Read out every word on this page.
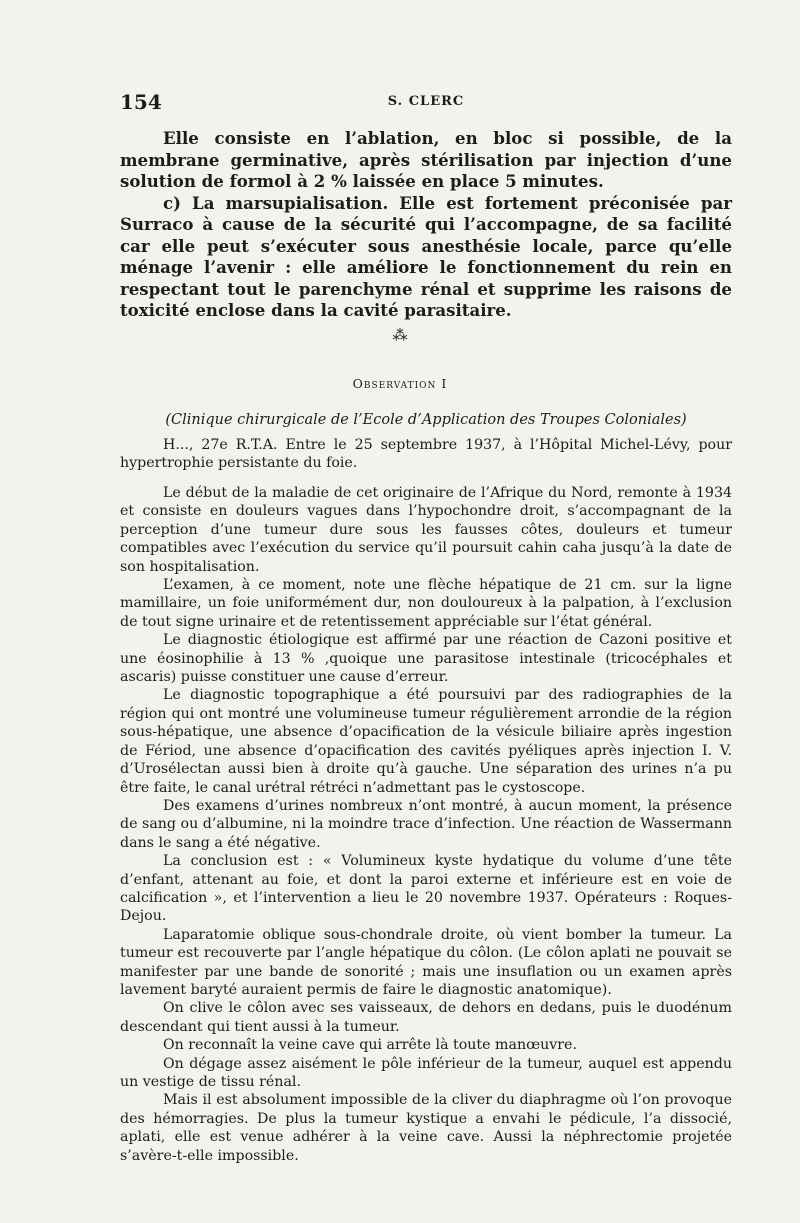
154	S. CLERC

Elle consiste en l’ablation, en bloc si possible, de la membrane germinative, après stérilisation par injection d’une solution de formol à 2 % laissée en place 5 minutes.

c) La marsupialisation. Elle est fortement préconisée par Surraco à cause de la sécurité qui l’accompagne, de sa facilité car elle peut s’exécuter sous anesthésie locale, parce qu’elle ménage l’avenir : elle améliore le fonctionnement du rein en respectant tout le parenchyme rénal et supprime les raisons de toxicité enclose dans la cavité parasitaire.

⁂
Observation I
(Clinique chirurgicale de l’Ecole d’Application des Troupes Coloniales)

H..., 27e R.T.A. Entre le 25 septembre 1937, à l’Hôpital Michel-Lévy, pour hypertrophie persistante du foie.

Le début de la maladie de cet originaire de l’Afrique du Nord, remonte à 1934 et consiste en douleurs vagues dans l’hypochondre droit, s’accompagnant de la perception d’une tumeur dure sous les fausses côtes, douleurs et tumeur compatibles avec l’exécution du service qu’il poursuit cahin caha jusqu’à la date de son hospitalisation.

L’examen, à ce moment, note une flèche hépatique de 21 cm. sur la ligne mamillaire, un foie uniformément dur, non douloureux à la palpation, à l’exclusion de tout signe urinaire et de retentissement appréciable sur l’état général.

Le diagnostic étiologique est affirmé par une réaction de Cazoni positive et une éosinophilie à 13 % ,quoique une parasitose intestinale (tricocéphales et ascaris) puisse constituer une cause d’erreur.

Le diagnostic topographique a été poursuivi par des radiographies de la région qui ont montré une volumineuse tumeur régulièrement arrondie de la région sous-hépatique, une absence d’opacification de la vésicule biliaire après ingestion de Fériod, une absence d’opacification des cavités pyéliques après injection I. V. d’Urosélectan aussi bien à droite qu’à gauche. Une séparation des urines n’a pu être faite, le canal urétral rétréci n’admettant pas le cystoscope.

Des examens d’urines nombreux n’ont montré, à aucun moment, la présence de sang ou d’albumine, ni la moindre trace d’infection. Une réaction de Wassermann dans le sang a été négative.

La conclusion est : « Volumineux kyste hydatique du volume d’une tête d’enfant, attenant au foie, et dont la paroi externe et inférieure est en voie de calcification », et l’intervention a lieu le 20 novembre 1937. Opérateurs : Roques-Dejou.

Laparatomie oblique sous-chondrale droite, où vient bomber la tumeur. La tumeur est recouverte par l’angle hépatique du côlon. (Le côlon aplati ne pouvait se manifester par une bande de sonorité ; mais une insuflation ou un examen après lavement baryté auraient permis de faire le diagnostic anatomique).

On clive le côlon avec ses vaisseaux, de dehors en dedans, puis le duodénum descendant qui tient aussi à la tumeur.

On reconnaît la veine cave qui arrête là toute manœuvre.

On dégage assez aisément le pôle inférieur de la tumeur, auquel est appendu un vestige de tissu rénal.

Mais il est absolument impossible de la cliver du diaphragme où l’on provoque des hémorragies. De plus la tumeur kystique a envahi le pédicule, l’a dissocié, aplati, elle est venue adhérer à la veine cave. Aussi la néphrectomie projetée s’avère-t-elle impossible.
